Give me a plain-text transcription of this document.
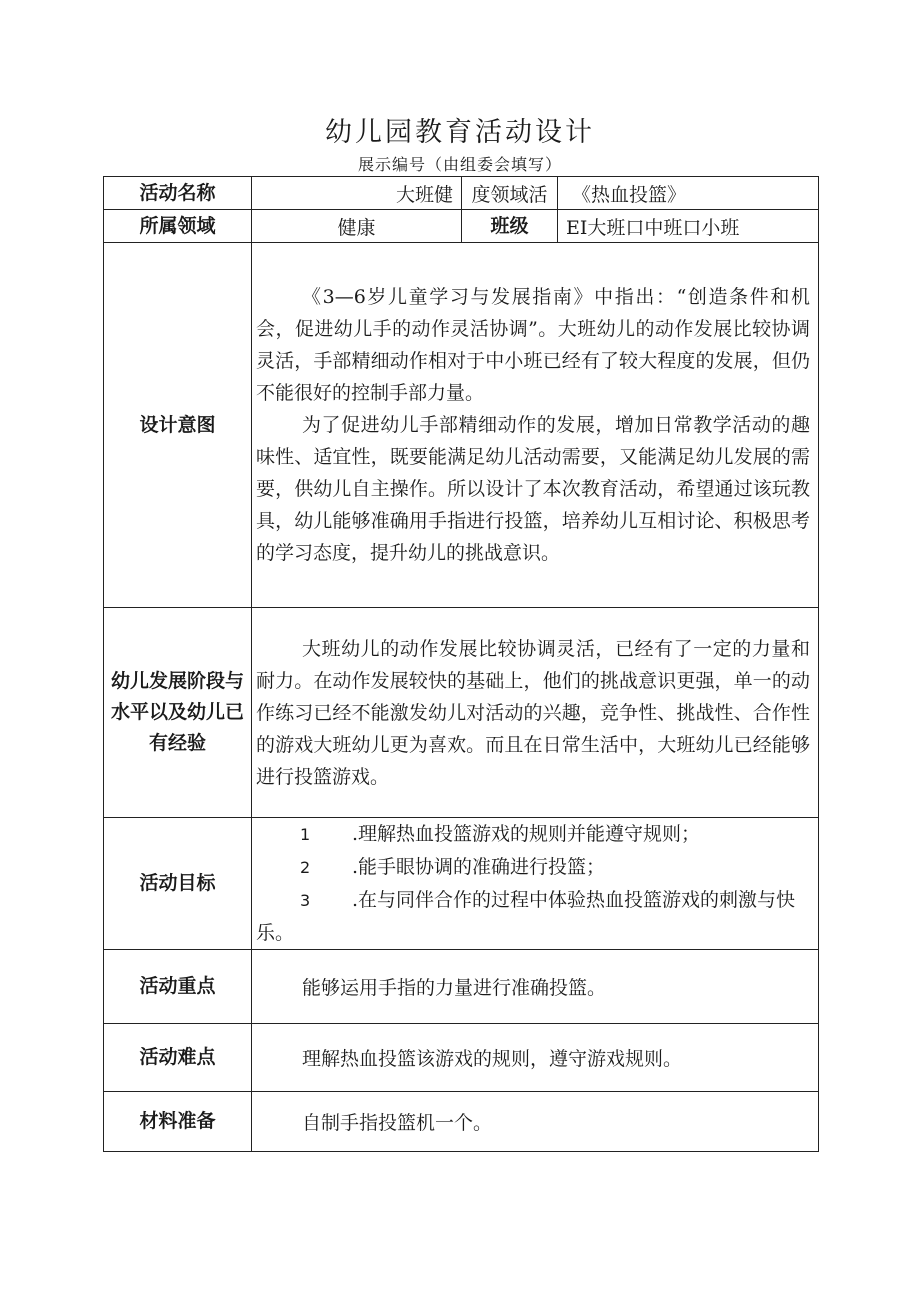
幼儿园教育活动设计
展示编号（由组委会填写）
活动名称	大班健	度领域活	《热血投篮》
所属领域	健康	班级	EI大班口中班口小班
设计意图	《3—6岁儿童学习与发展指南》中指出：“创造条件和机会，促进幼儿手的动作灵活协调”。大班幼儿的动作发展比较协调灵活，手部精细动作相对于中小班已经有了较大程度的发展，但仍不能很好的控制手部力量。

为了促进幼儿手部精细动作的发展，增加日常教学活动的趣味性、适宜性，既要能满足幼儿活动需要，又能满足幼儿发展的需要，供幼儿自主操作。所以设计了本次教育活动，希望通过该玩教具，幼儿能够准确用手指进行投篮，培养幼儿互相讨论、积极思考的学习态度，提升幼儿的挑战意识。		

幼儿发展阶段与水平以及幼儿已有经验	大班幼儿的动作发展比较协调灵活，已经有了一定的力量和耐力。在动作发展较快的基础上，他们的挑战意识更强，单一的动作练习已经不能激发幼儿对活动的兴趣，竞争性、挑战性、合作性的游戏大班幼儿更为喜欢。而且在日常生活中，大班幼儿已经能够进行投篮游戏。		

活动目标	1 .理解热血投篮游戏的规则并能遵守规则；
2 .能手眼协调的准确进行投篮；
3 .在与同伴合作的过程中体验热血投篮游戏的刺激与快乐。		

活动重点	能够运用手指的力量进行准确投篮。		
活动难点	理解热血投篮该游戏的规则，遵守游戏规则。		
材料准备	自制手指投篮机一个。		
